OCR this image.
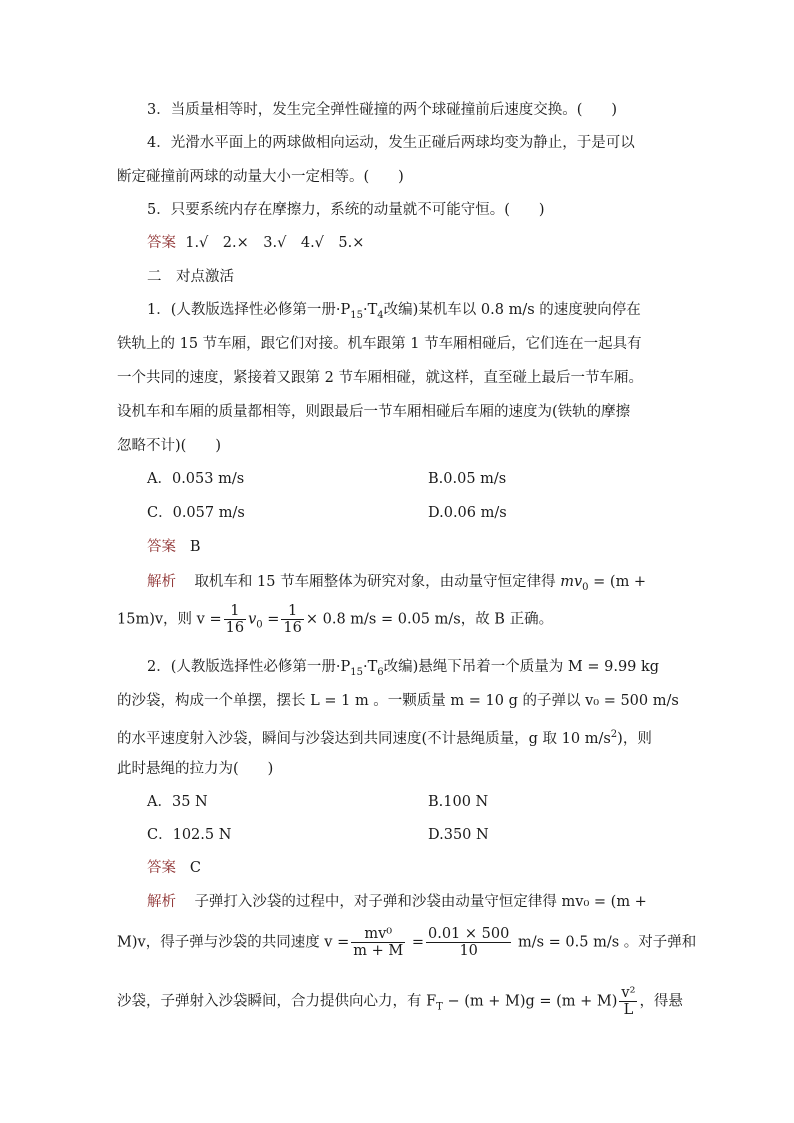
3．当质量相等时，发生完全弹性碰撞的两个球碰撞前后速度交换。(　　)
4．光滑水平面上的两球做相向运动，发生正碰后两球均变为静止，于是可以
断定碰撞前两球的动量大小一定相等。(　　)
5．只要系统内存在摩擦力，系统的动量就不可能守恒。(　　)
答案 1.√　2.×　3.√　4.√　5.×
二　对点激活
1．(人教版选择性必修第一册$\cdot P_{15}\cdot T_4$改编)某机车以 0.8 m/s 的速度驶向停在
铁轨上的 15 节车厢，跟它们对接。机车跟第 1 节车厢相碰后，它们连在一起具有
一个共同的速度，紧接着又跟第 2 节车厢相碰，就这样，直至碰上最后一节车厢。
设机车和车厢的质量都相等，则跟最后一节车厢相碰后车厢的速度为(铁轨的摩擦
忽略不计)(　　)
A．0.053 m/s	B.0.05 m/s
C．0.057 m/s	D.0.06 m/s
答案 B
解析 取机车和 15 节车厢整体为研究对象，由动量守恒定律得 $mv_0 = (m$ +
15m)v，则 $v = \frac{1}{16} v_0 = \frac{1}{16} \times 0.8$ m/s = 0.05 m/s，故 B 正确。
2．(人教版选择性必修第一册$\cdot P_{15}\cdot T_6$改编)悬绳下吊着一个质量为 M = 9.99 kg
的沙袋，构成一个单摆，摆长 L = 1 m 。一颗质量 m = 10 g 的子弹以 v₀ = 500 m/s
的水平速度射入沙袋，瞬间与沙袋达到共同速度(不计悬绳质量，g 取 10 $m/s^2$)，则
此时悬绳的拉力为(　　)
A．35 N	B.100 N
C．102.5 N	D.350 N
答案 C
解析 子弹打入沙袋的过程中，对子弹和沙袋由动量守恒定律得 mv₀ = (m +
M)v，得子弹与沙袋的共同速度 $v = \frac{\text{mv⁰}}{m + M} = \frac{0.01 \times 500}{10} m/s = 0.5$ m/s 。对子弹和
沙袋，子弹射入沙袋瞬间，合力提供向心力，有 $F_T - (m + M)g = (m + M) \frac{\text{v²}}{L}$ ，得悬
